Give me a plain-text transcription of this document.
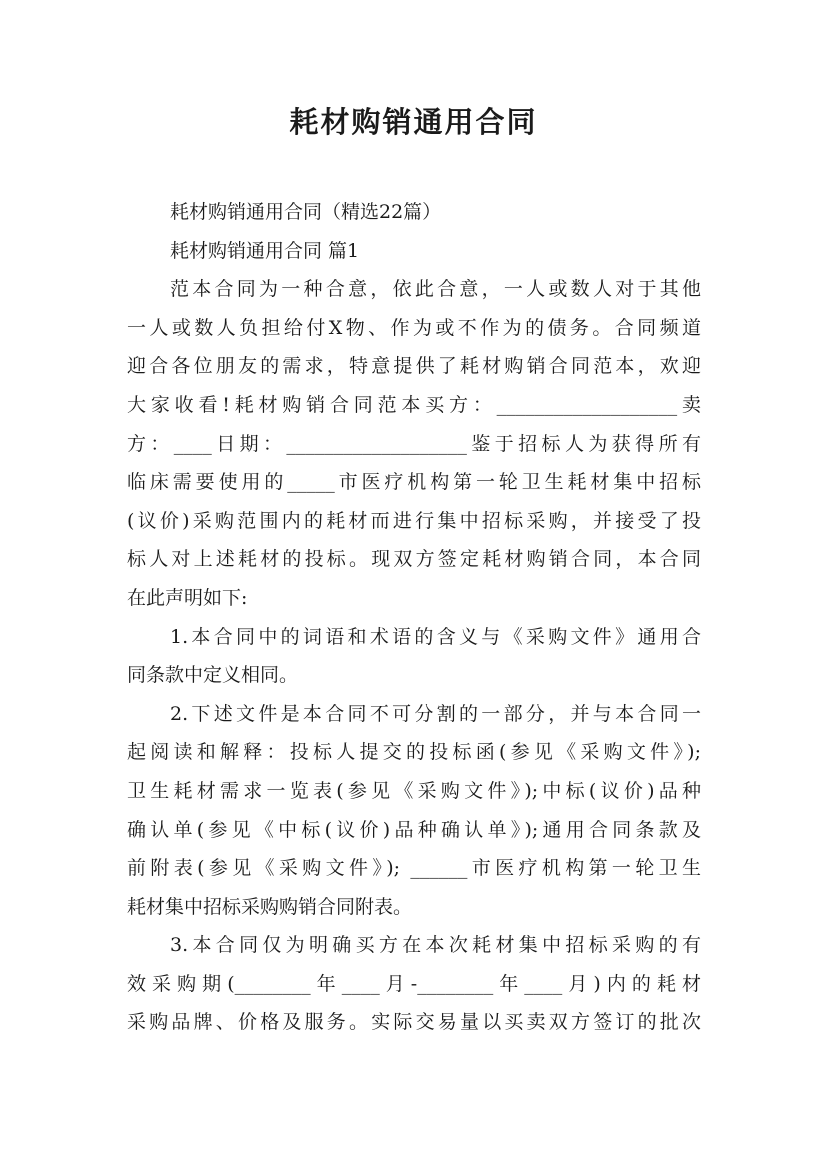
耗材购销通用合同
耗材购销通用合同（精选22篇）
耗材购销通用合同 篇1
范本合同为一种合意，依此合意，一人或数人对于其他
一人或数人负担给付X物、作为或不作为的债务。合同频道
迎合各位朋友的需求，特意提供了耗材购销合同范本，欢迎
大家收看!耗材购销合同范本买方：___________________卖
方：____日期：___________________鉴于招标人为获得所有
临床需要使用的_____市医疗机构第一轮卫生耗材集中招标
(议价)采购范围内的耗材而进行集中招标采购，并接受了投
标人对上述耗材的投标。现双方签定耗材购销合同，本合同
在此声明如下:
1.本合同中的词语和术语的含义与《采购文件》通用合
同条款中定义相同。
2.下述文件是本合同不可分割的一部分，并与本合同一
起阅读和解释：投标人提交的投标函(参见《采购文件》);
卫生耗材需求一览表(参见《采购文件》);中标(议价)品种
确认单(参见《中标(议价)品种确认单》);通用合同条款及
前附表(参见《采购文件》); ______市医疗机构第一轮卫生
耗材集中招标采购购销合同附表。
3.本合同仅为明确买方在本次耗材集中招标采购的有
效采购期(________年____月-________年____月)内的耗材
采购品牌、价格及服务。实际交易量以买卖双方签订的批次
